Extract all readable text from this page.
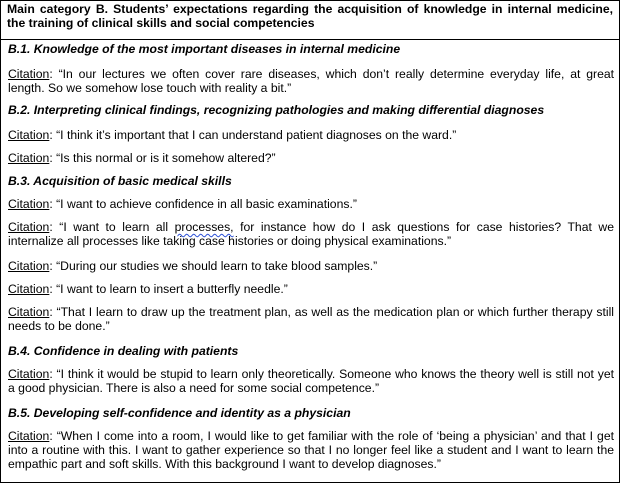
Main category B. Students’ expectations regarding the acquisition of knowledge in internal medicine, the training of clinical skills and social competencies

B.1. Knowledge of the most important diseases in internal medicine

Citation: “In our lectures we often cover rare diseases, which don’t really determine everyday life, at great length. So we somehow lose touch with reality a bit.”

B.2. Interpreting clinical findings, recognizing pathologies and making differential diagnoses

Citation: “I think it’s important that I can understand patient diagnoses on the ward.”

Citation: “Is this normal or is it somehow altered?”

B.3. Acquisition of basic medical skills

Citation: “I want to achieve confidence in all basic examinations.”

Citation: “I want to learn all processes, for instance how do I ask questions for case histories? That we internalize all processes like taking case histories or doing physical examinations.”

Citation: “During our studies we should learn to take blood samples.”

Citation: “I want to learn to insert a butterfly needle.”

Citation: “That I learn to draw up the treatment plan, as well as the medication plan or which further therapy still needs to be done.”

B.4. Confidence in dealing with patients

Citation: “I think it would be stupid to learn only theoretically. Someone who knows the theory well is still not yet a good physician. There is also a need for some social competence.”

B.5. Developing self-confidence and identity as a physician

Citation: “When I come into a room, I would like to get familiar with the role of ‘being a physician’ and that I get into a routine with this. I want to gather experience so that I no longer feel like a student and I want to learn the empathic part and soft skills. With this background I want to develop diagnoses.”
